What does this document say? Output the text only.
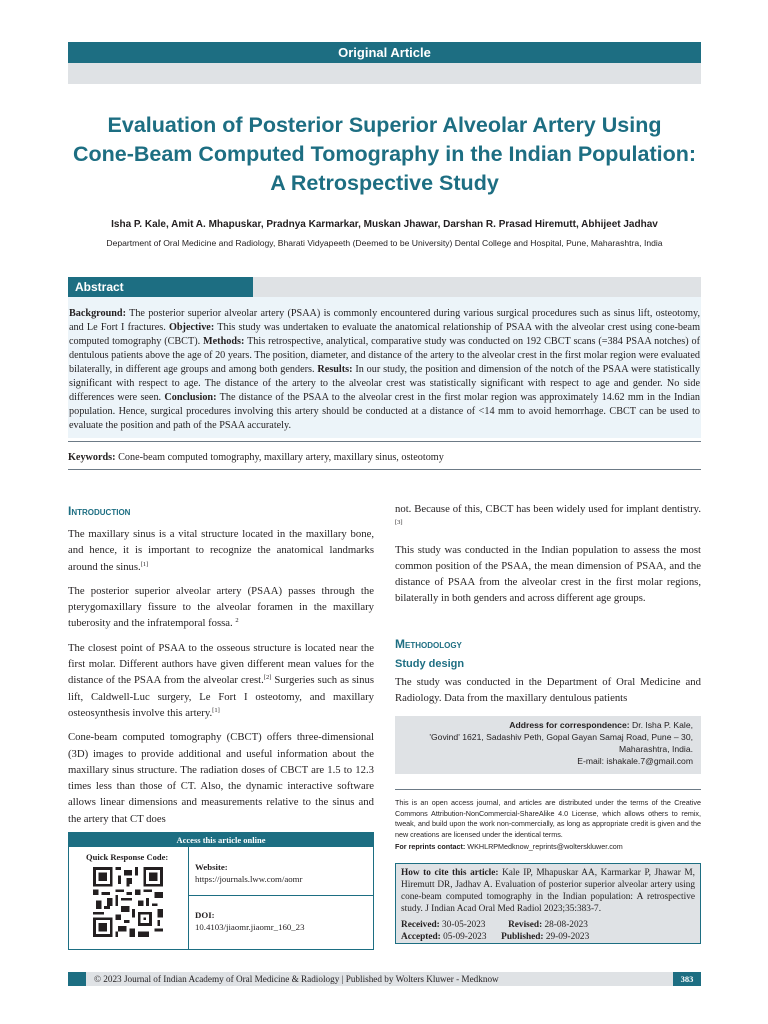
Original Article
Evaluation of Posterior Superior Alveolar Artery Using
Cone-Beam Computed Tomography in the Indian Population:
A Retrospective Study
Isha P. Kale, Amit A. Mhapuskar, Pradnya Karmarkar, Muskan Jhawar, Darshan R. Prasad Hiremutt, Abhijeet Jadhav
Department of Oral Medicine and Radiology, Bharati Vidyapeeth (Deemed to be University) Dental College and Hospital, Pune, Maharashtra, India
Abstract
Background: The posterior superior alveolar artery (PSAA) is commonly encountered during various surgical procedures such as sinus lift, osteotomy, and Le Fort I fractures. Objective: This study was undertaken to evaluate the anatomical relationship of PSAA with the alveolar crest using cone-beam computed tomography (CBCT). Methods: This retrospective, analytical, comparative study was conducted on 192 CBCT scans (=384 PSAA notches) of dentulous patients above the age of 20 years. The position, diameter, and distance of the artery to the alveolar crest in the first molar region were evaluated bilaterally, in different age groups and among both genders. Results: In our study, the position and dimension of the notch of the PSAA were statistically significant with respect to age. The distance of the artery to the alveolar crest was statistically significant with respect to age and gender. No side differences were seen. Conclusion: The distance of the PSAA to the alveolar crest in the first molar region was approximately 14.62 mm in the Indian population. Hence, surgical procedures involving this artery should be conducted at a distance of <14 mm to avoid hemorrhage. CBCT can be used to evaluate the position and path of the PSAA accurately.
Keywords: Cone-beam computed tomography, maxillary artery, maxillary sinus, osteotomy
Introduction

The maxillary sinus is a vital structure located in the maxillary bone, and hence, it is important to recognize the anatomical landmarks around the sinus.[1]

The posterior superior alveolar artery (PSAA) passes through the pterygomaxillary fissure to the alveolar foramen in the maxillary tuberosity and the infratemporal fossa. $^2$

The closest point of PSAA to the osseous structure is located near the first molar. Different authors have given different mean values for the distance of the PSAA from the alveolar crest.[2] Surgeries such as sinus lift, Caldwell-Luc surgery, Le Fort I osteotomy, and maxillary osteosynthesis involve this artery.[1]

Cone-beam computed tomography (CBCT) offers three-dimensional (3D) images to provide additional and useful information about the maxillary sinus structure. The radiation doses of CBCT are 1.5 to 12.3 times less than those of CT. Also, the dynamic interactive software allows linear dimensions and measurements relative to the sinus and the artery that CT does

Access this article online
Quick Response Code:
Website:
https://journals.lww.com/aomr
DOI:
10.4103/jiaomr.jiaomr_160_23

not. Because of this, CBCT has been widely used for implant dentistry.[3]

This study was conducted in the Indian population to assess the most common position of the PSAA, the mean dimension of PSAA, and the distance of PSAA from the alveolar crest in the first molar regions, bilaterally in both genders and across different age groups.

Methodology
Study design
The study was conducted in the Department of Oral Medicine and Radiology. Data from the maxillary dentulous patients
Address for correspondence: Dr. Isha P. Kale,
'Govind' 1621, Sadashiv Peth, Gopal Gayan Samaj Road, Pune – 30,
Maharashtra, India.
E-mail: ishakale.7@gmail.com
This is an open access journal, and articles are distributed under the terms of the Creative Commons Attribution-NonCommercial-ShareAlike 4.0 License, which allows others to remix, tweak, and build upon the work non-commercially, as long as appropriate credit is given and the new creations are licensed under the identical terms.
For reprints contact: WKHLRPMedknow_reprints@wolterskluwer.com
How to cite this article: Kale IP, Mhapuskar AA, Karmarkar P, Jhawar M, Hiremutt DR, Jadhav A. Evaluation of posterior superior alveolar artery using cone-beam computed tomography in the Indian population: A retrospective study. J Indian Acad Oral Med Radiol 2023;35:383-7.
Received: 30-05-2023 Revised: 28-08-2023
Accepted: 05-09-2023 Published: 29-09-2023
© 2023 Journal of Indian Academy of Oral Medicine & Radiology | Published by Wolters Kluwer - Medknow	383
